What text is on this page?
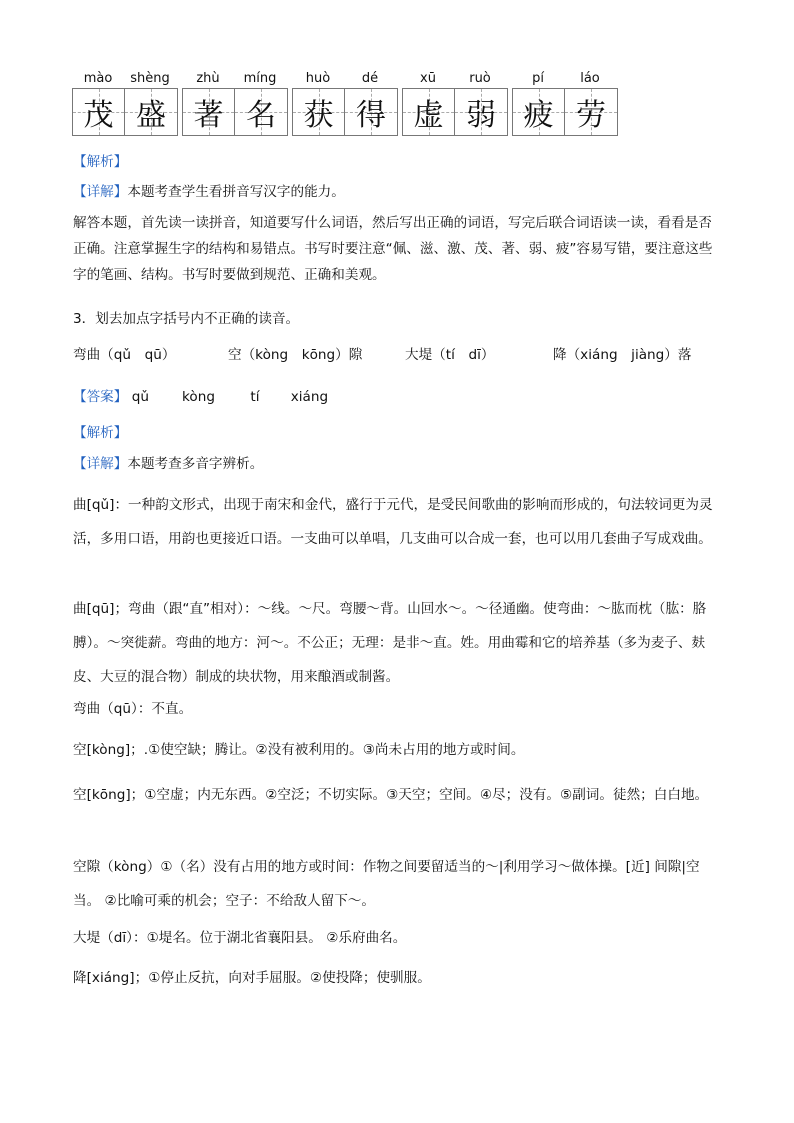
mào	shèng
茂 盛
zhù	míng
著 名
huò	dé
获 得
xū	ruò
虚 弱
pí	láo
疲 劳
【解析】
【详解】本题考查学生看拼音写汉字的能力。
解答本题，首先读一读拼音，知道要写什么词语，然后写出正确的词语，写完后联合词语读一读，看看是否正确。注意掌握生字的结构和易错点。书写时要注意“佩、滋、激、茂、著、弱、疲”容易写错，要注意这些字的笔画、结构。书写时要做到规范、正确和美观。
3．划去加点字括号内不正确的读音。
弯曲（qǔ　qū）	空（kòng　kōng）隙	大堤（tí　dī）	降（xiáng　jiàng）落
【答案】 qǔ kòng	tí xiáng
【解析】
【详解】本题考查多音字辨析。
曲[qǔ]：一种韵文形式，出现于南宋和金代，盛行于元代，是受民间歌曲的影响而形成的，句法较词更为灵活，多用口语，用韵也更接近口语。一支曲可以单唱，几支曲可以合成一套，也可以用几套曲子写成戏曲。
曲[qū]；弯曲（跟“直”相对）：～线。～尺。弯腰～背。山回水～。～径通幽。使弯曲：～肱而枕（肱：胳膊）。～突徙薪。弯曲的地方：河～。不公正；无理：是非～直。姓。用曲霉和它的培养基（多为麦子、麸皮、大豆的混合物）制成的块状物，用来酿酒或制酱。
弯曲（qū）：不直。
空[kòng]；.①使空缺；腾让。②没有被利用的。③尚未占用的地方或时间。
空[kōng]；①空虚；内无东西。②空泛；不切实际。③天空；空间。④尽；没有。⑤副词。徒然；白白地。
空隙（kòng）①（名）没有占用的地方或时间：作物之间要留适当的～|利用学习～做体操。[近] 间隙|空当。 ②比喻可乘的机会；空子：不给敌人留下～。
大堤（dī）：①堤名。位于湖北省襄阳县。 ②乐府曲名。
降[xiáng]；①停止反抗，向对手屈服。②使投降；使驯服。
